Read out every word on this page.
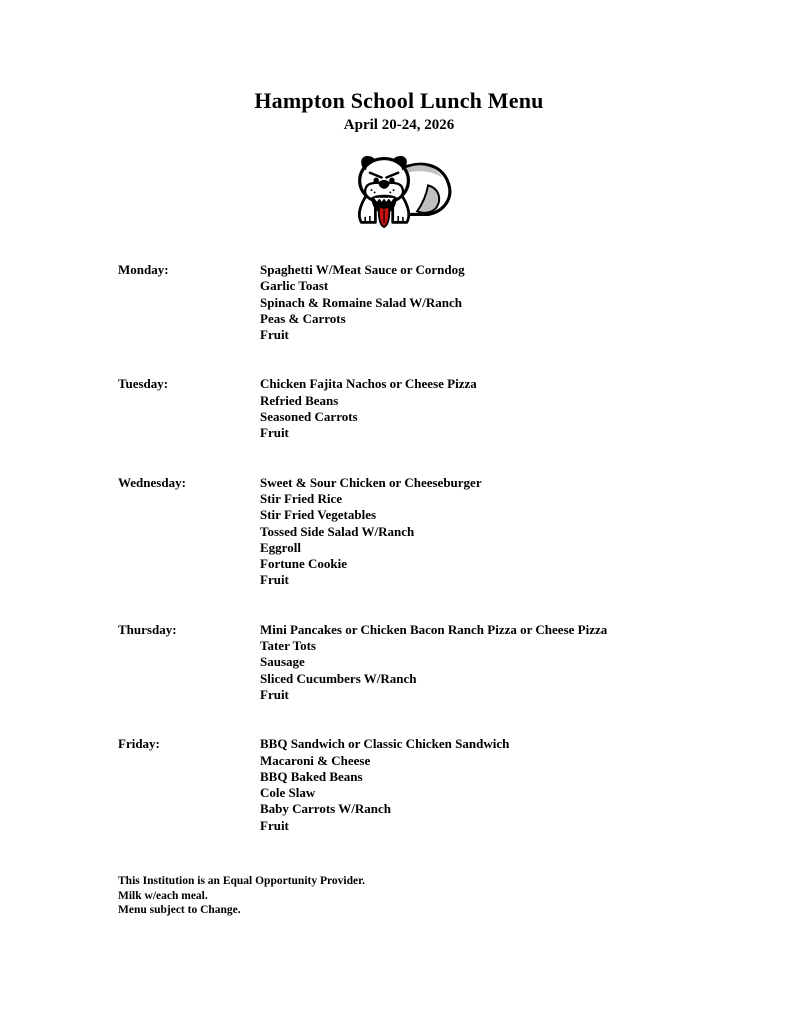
Hampton School Lunch Menu
April 20-24, 2026
Monday:	Spaghetti W/Meat Sauce or Corndog
Garlic Toast
Spinach & Romaine Salad W/Ranch
Peas & Carrots
Fruit
Tuesday:	Chicken Fajita Nachos or Cheese Pizza
Refried Beans
Seasoned Carrots
Fruit
Wednesday:	Sweet & Sour Chicken or Cheeseburger
Stir Fried Rice
Stir Fried Vegetables
Tossed Side Salad W/Ranch
Eggroll
Fortune Cookie
Fruit
Thursday:	Mini Pancakes or Chicken Bacon Ranch Pizza or Cheese Pizza
Tater Tots
Sausage
Sliced Cucumbers W/Ranch
Fruit
Friday:	BBQ Sandwich or Classic Chicken Sandwich
Macaroni & Cheese
BBQ Baked Beans
Cole Slaw
Baby Carrots W/Ranch
Fruit
This Institution is an Equal Opportunity Provider.
Milk w/each meal.
Menu subject to Change.
